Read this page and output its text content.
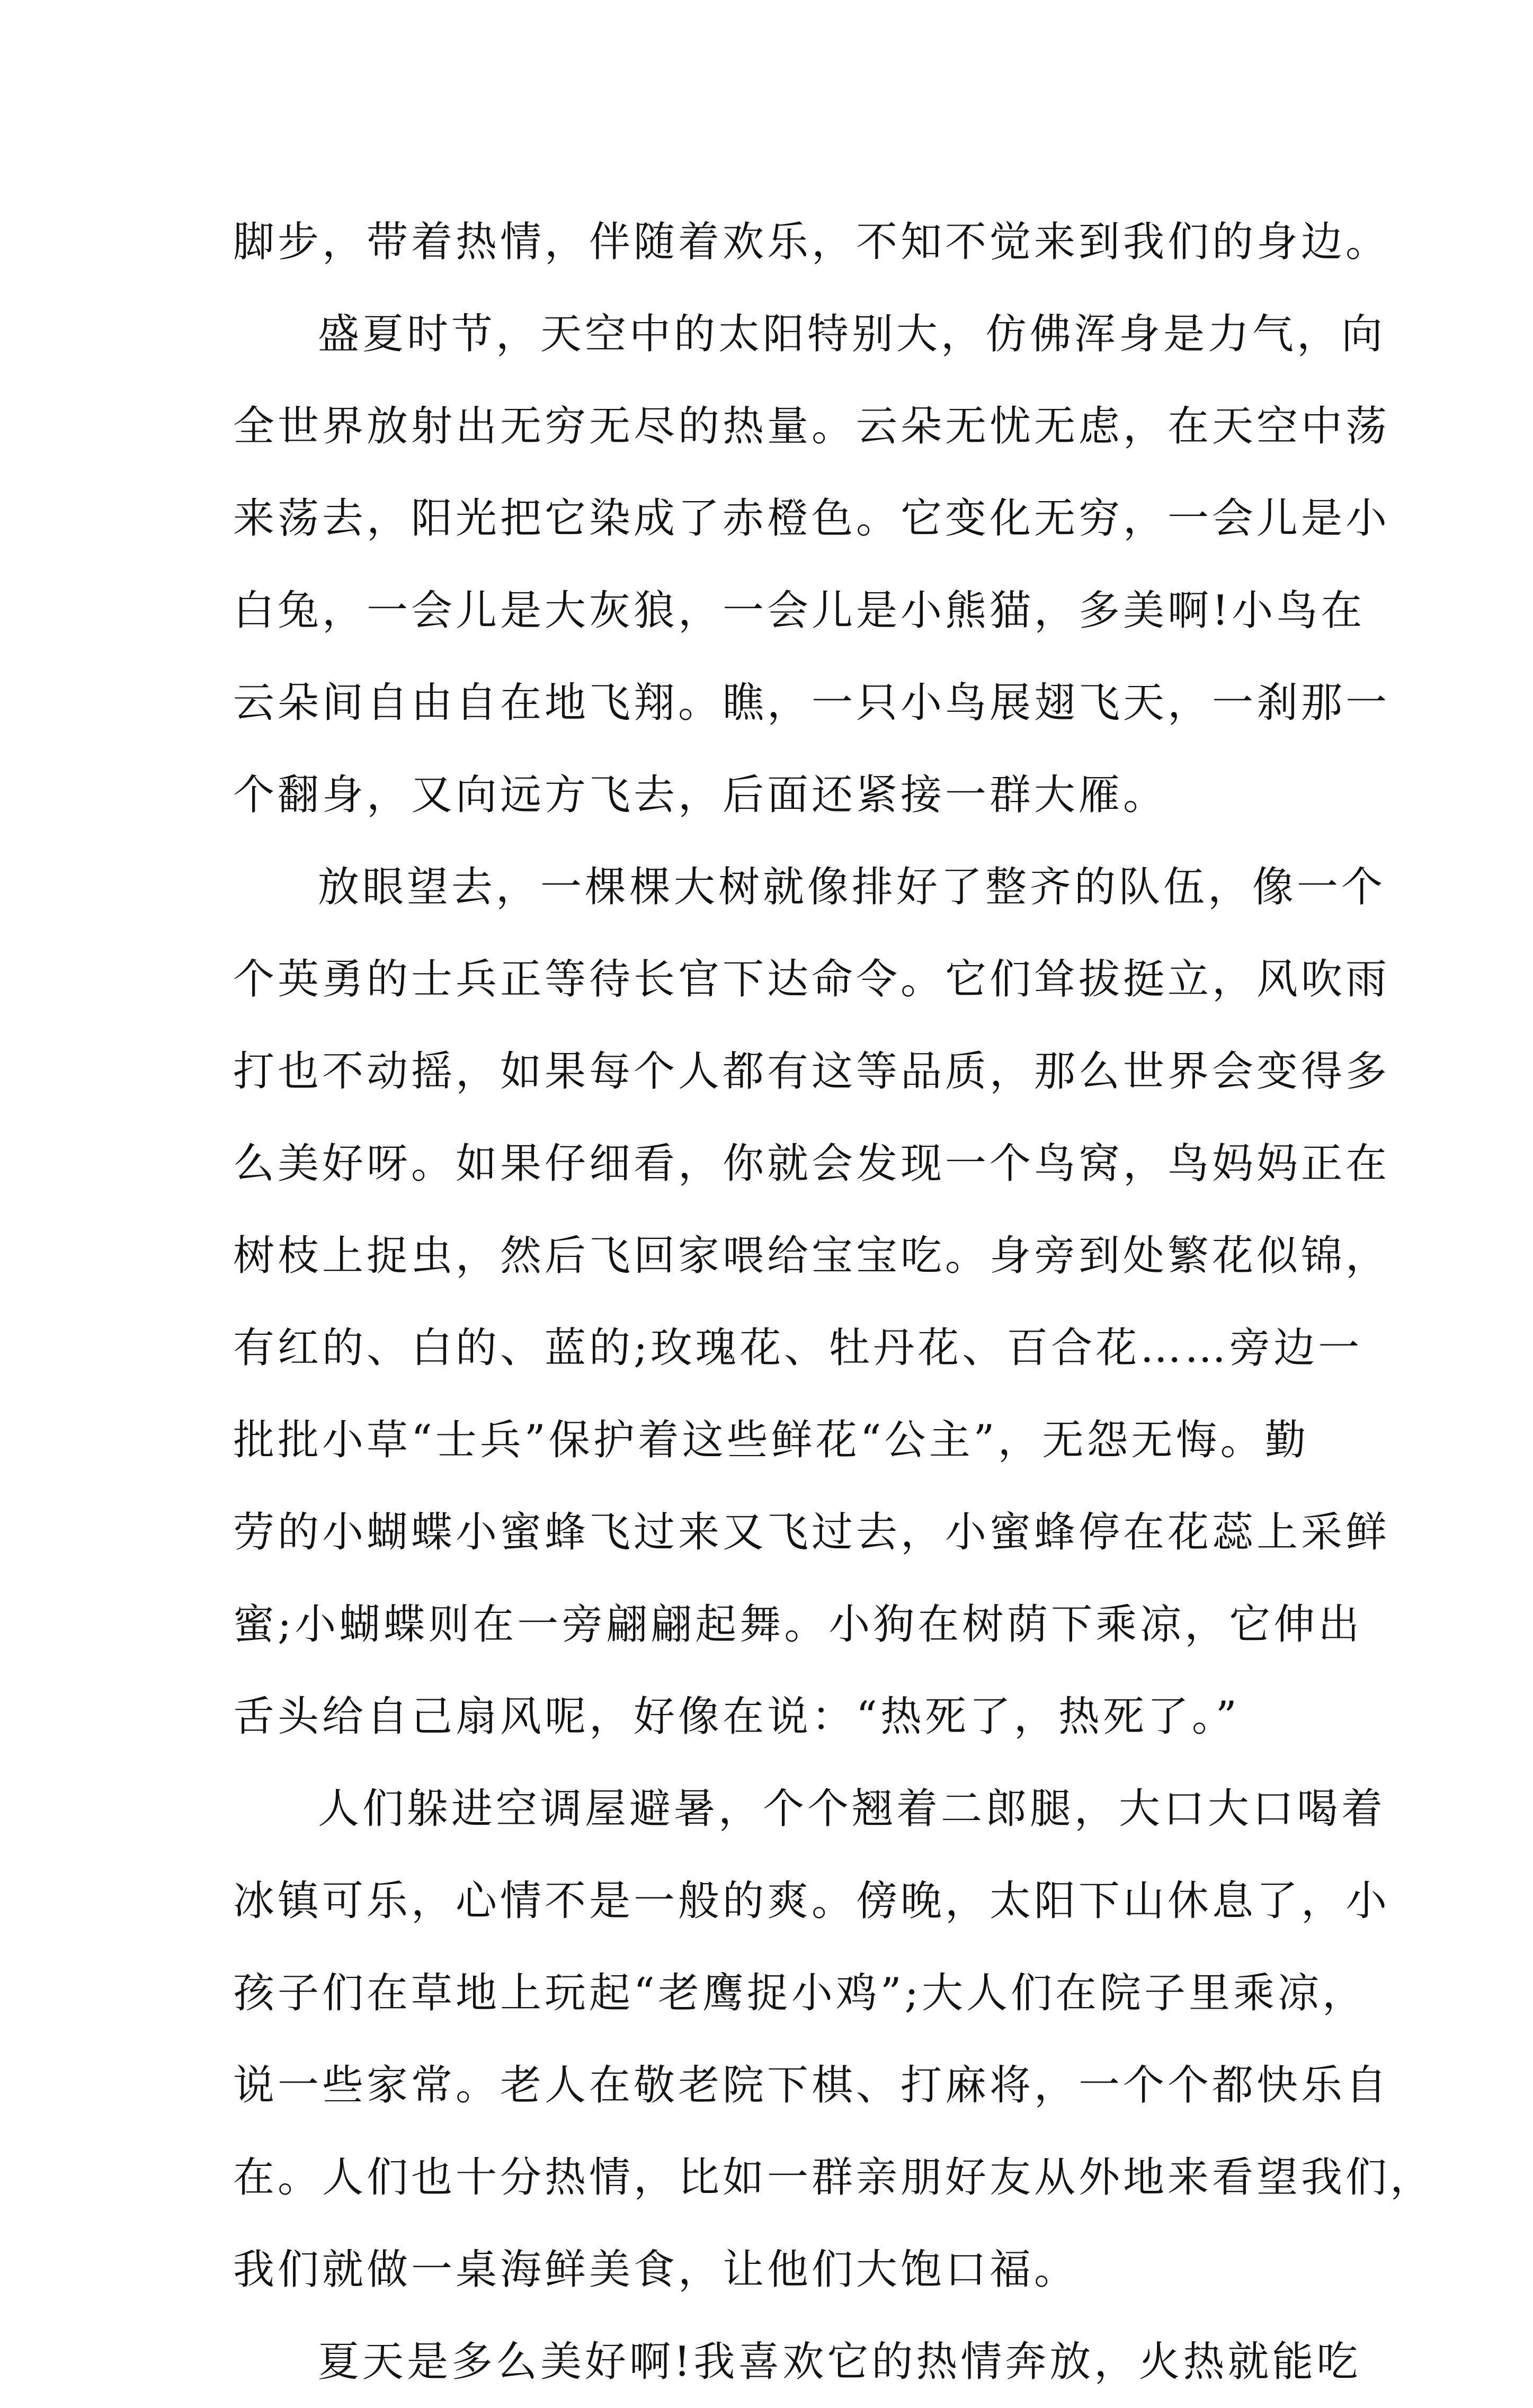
脚步，带着热情，伴随着欢乐，不知不觉来到我们的身边。
盛夏时节，天空中的太阳特别大，仿佛浑身是力气，向
全世界放射出无穷无尽的热量。云朵无忧无虑，在天空中荡
来荡去，阳光把它染成了赤橙色。它变化无穷，一会儿是小
白兔，一会儿是大灰狼，一会儿是小熊猫，多美啊!小鸟在
云朵间自由自在地飞翔。瞧，一只小鸟展翅飞天，一刹那一
个翻身，又向远方飞去，后面还紧接一群大雁。
放眼望去，一棵棵大树就像排好了整齐的队伍，像一个
个英勇的士兵正等待长官下达命令。它们耸拔挺立，风吹雨
打也不动摇，如果每个人都有这等品质，那么世界会变得多
么美好呀。如果仔细看，你就会发现一个鸟窝，鸟妈妈正在
树枝上捉虫，然后飞回家喂给宝宝吃。身旁到处繁花似锦，
有红的、白的、蓝的;玫瑰花、牡丹花、百合花……旁边一
批批小草“士兵”保护着这些鲜花“公主”，无怨无悔。勤
劳的小蝴蝶小蜜蜂飞过来又飞过去，小蜜蜂停在花蕊上采鲜
蜜;小蝴蝶则在一旁翩翩起舞。小狗在树荫下乘凉，它伸出
舌头给自己扇风呢，好像在说：“热死了，热死了。”
人们躲进空调屋避暑，个个翘着二郎腿，大口大口喝着
冰镇可乐，心情不是一般的爽。傍晚，太阳下山休息了，小
孩子们在草地上玩起“老鹰捉小鸡”;大人们在院子里乘凉，
说一些家常。老人在敬老院下棋、打麻将，一个个都快乐自
在。人们也十分热情，比如一群亲朋好友从外地来看望我们，
我们就做一桌海鲜美食，让他们大饱口福。
夏天是多么美好啊!我喜欢它的热情奔放，火热就能吃
